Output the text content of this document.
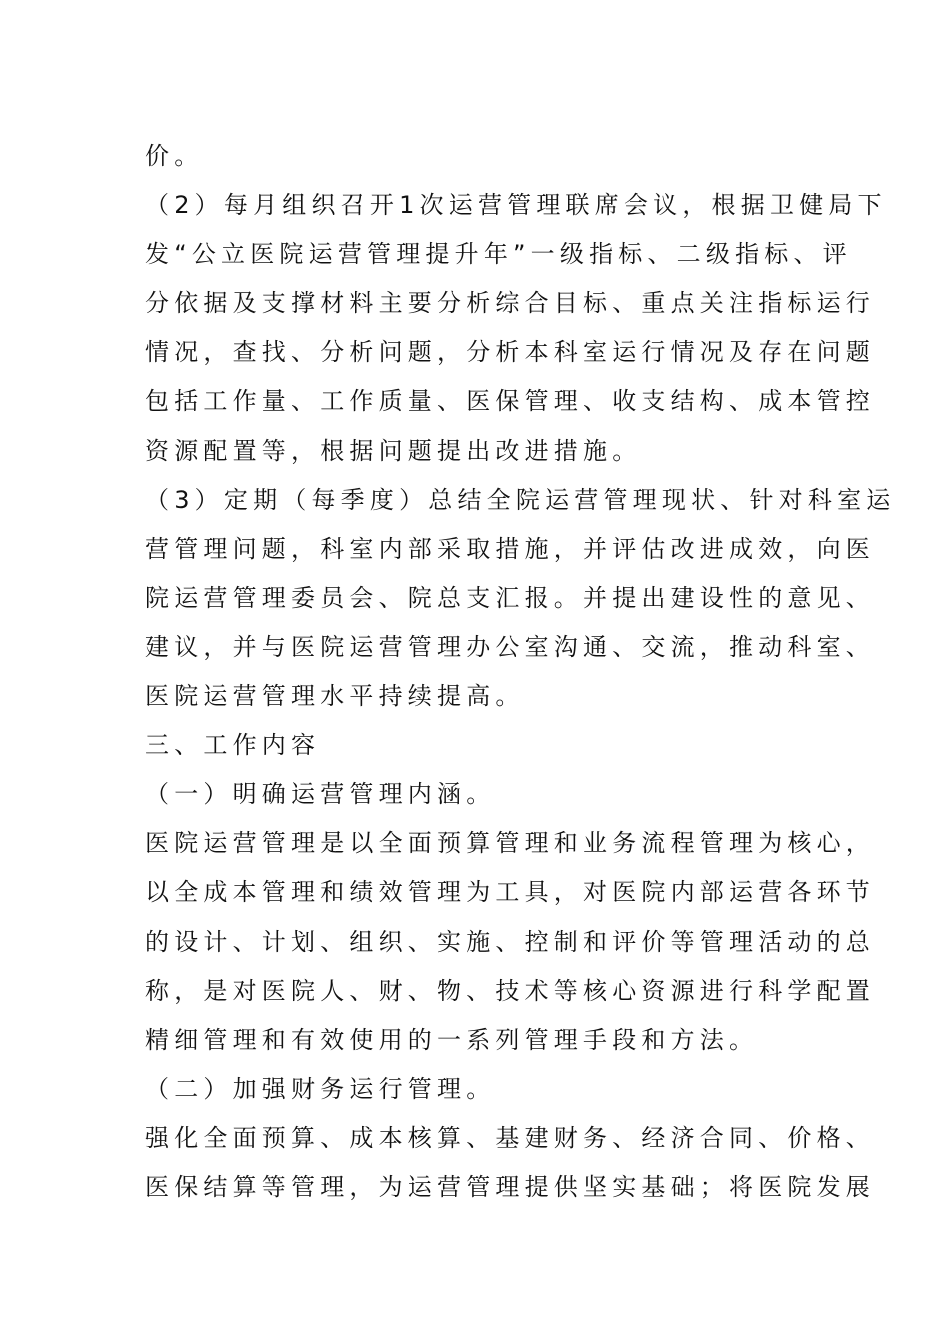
价。
（2）每月组织召开1次运营管理联席会议，根据卫健局下
发“公立医院运营管理提升年”一级指标、二级指标、评
分依据及支撑材料主要分析综合目标、重点关注指标运行
情况，查找、分析问题，分析本科室运行情况及存在问题
包括工作量、工作质量、医保管理、收支结构、成本管控
资源配置等，根据问题提出改进措施。
（3）定期（每季度）总结全院运营管理现状、针对科室运
营管理问题，科室内部采取措施，并评估改进成效，向医
院运营管理委员会、院总支汇报。并提出建设性的意见、
建议，并与医院运营管理办公室沟通、交流，推动科室、
医院运营管理水平持续提高。
三、工作内容
（一）明确运营管理内涵。
医院运营管理是以全面预算管理和业务流程管理为核心，
以全成本管理和绩效管理为工具，对医院内部运营各环节
的设计、计划、组织、实施、控制和评价等管理活动的总
称，是对医院人、财、物、技术等核心资源进行科学配置
精细管理和有效使用的一系列管理手段和方法。
（二）加强财务运行管理。
强化全面预算、成本核算、基建财务、经济合同、价格、
医保结算等管理，为运营管理提供坚实基础；将医院发展
